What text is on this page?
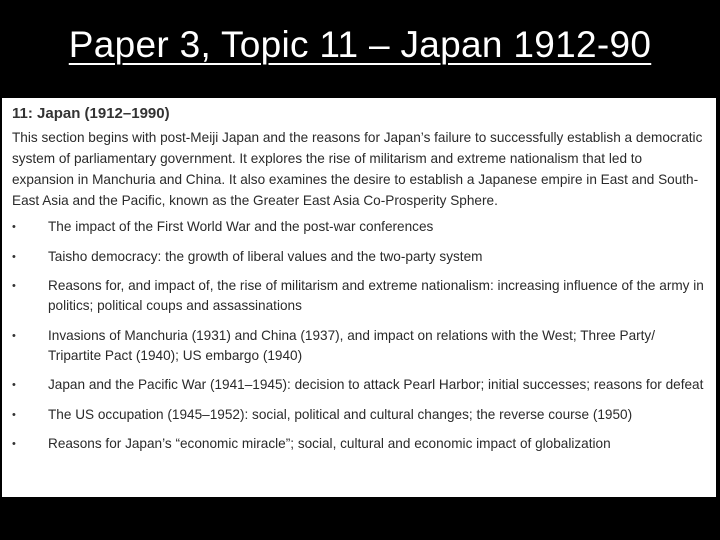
Paper 3, Topic 11 – Japan 1912-90
11: Japan (1912–1990)

This section begins with post-Meiji Japan and the reasons for Japan’s failure to successfully establish a democratic system of parliamentary government. It explores the rise of militarism and extreme nationalism that led to expansion in Manchuria and China. It also examines the desire to establish a Japanese empire in East and South-East Asia and the Pacific, known as the Greater East Asia Co-Prosperity Sphere.

• The impact of the First World War and the post-war conferences
• Taisho democracy: the growth of liberal values and the two-party system
• Reasons for, and impact of, the rise of militarism and extreme nationalism: increasing influence of the army in politics; political coups and assassinations
• Invasions of Manchuria (1931) and China (1937), and impact on relations with the West; Three Party/ Tripartite Pact (1940); US embargo (1940)
• Japan and the Pacific War (1941–1945): decision to attack Pearl Harbor; initial successes; reasons for defeat
• The US occupation (1945–1952): social, political and cultural changes; the reverse course (1950)
• Reasons for Japan’s “economic miracle”; social, cultural and economic impact of globalization
